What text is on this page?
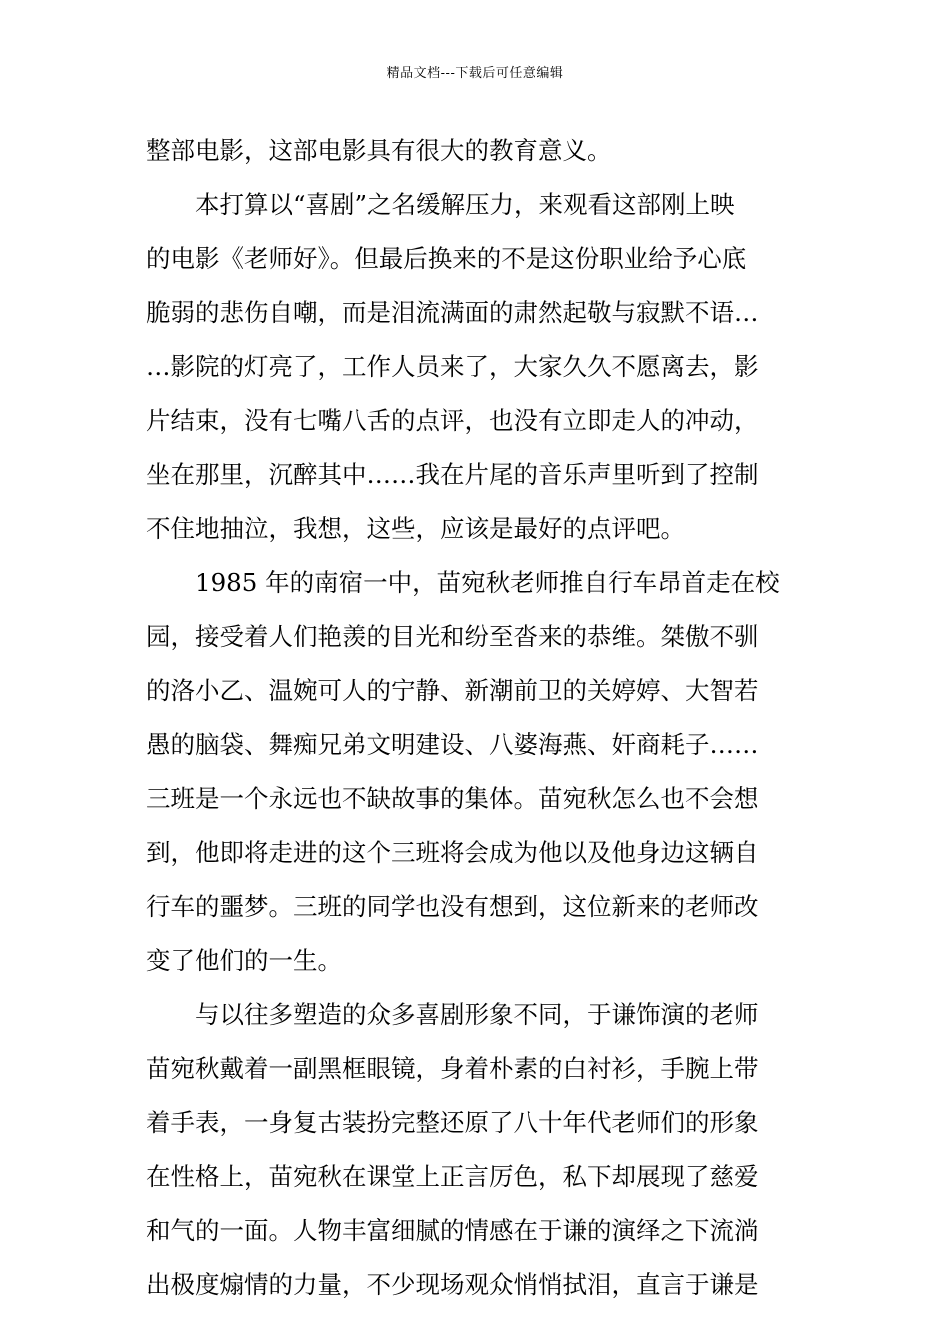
精品文档---下载后可任意编辑
整部电影，这部电影具有很大的教育意义。
本打算以“喜剧”之名缓解压力，来观看这部刚上映
的电影《老师好》。但最后换来的不是这份职业给予心底
脆弱的悲伤自嘲，而是泪流满面的肃然起敬与寂默不语…
…影院的灯亮了，工作人员来了，大家久久不愿离去，影
片结束，没有七嘴八舌的点评，也没有立即走人的冲动，
坐在那里，沉醉其中……我在片尾的音乐声里听到了控制
不住地抽泣，我想，这些，应该是最好的点评吧。
1985 年的南宿一中，苗宛秋老师推自行车昂首走在校
园，接受着人们艳羡的目光和纷至沓来的恭维。桀傲不驯
的洛小乙、温婉可人的宁静、新潮前卫的关婷婷、大智若
愚的脑袋、舞痴兄弟文明建设、八婆海燕、奸商耗子……
三班是一个永远也不缺故事的集体。苗宛秋怎么也不会想
到，他即将走进的这个三班将会成为他以及他身边这辆自
行车的噩梦。三班的同学也没有想到，这位新来的老师改
变了他们的一生。
与以往多塑造的众多喜剧形象不同，于谦饰演的老师
苗宛秋戴着一副黑框眼镜，身着朴素的白衬衫，手腕上带
着手表，一身复古装扮完整还原了八十年代老师们的形象
在性格上，苗宛秋在课堂上正言厉色，私下却展现了慈爱
和气的一面。人物丰富细腻的情感在于谦的演绎之下流淌
出极度煽情的力量，不少现场观众悄悄拭泪，直言于谦是
